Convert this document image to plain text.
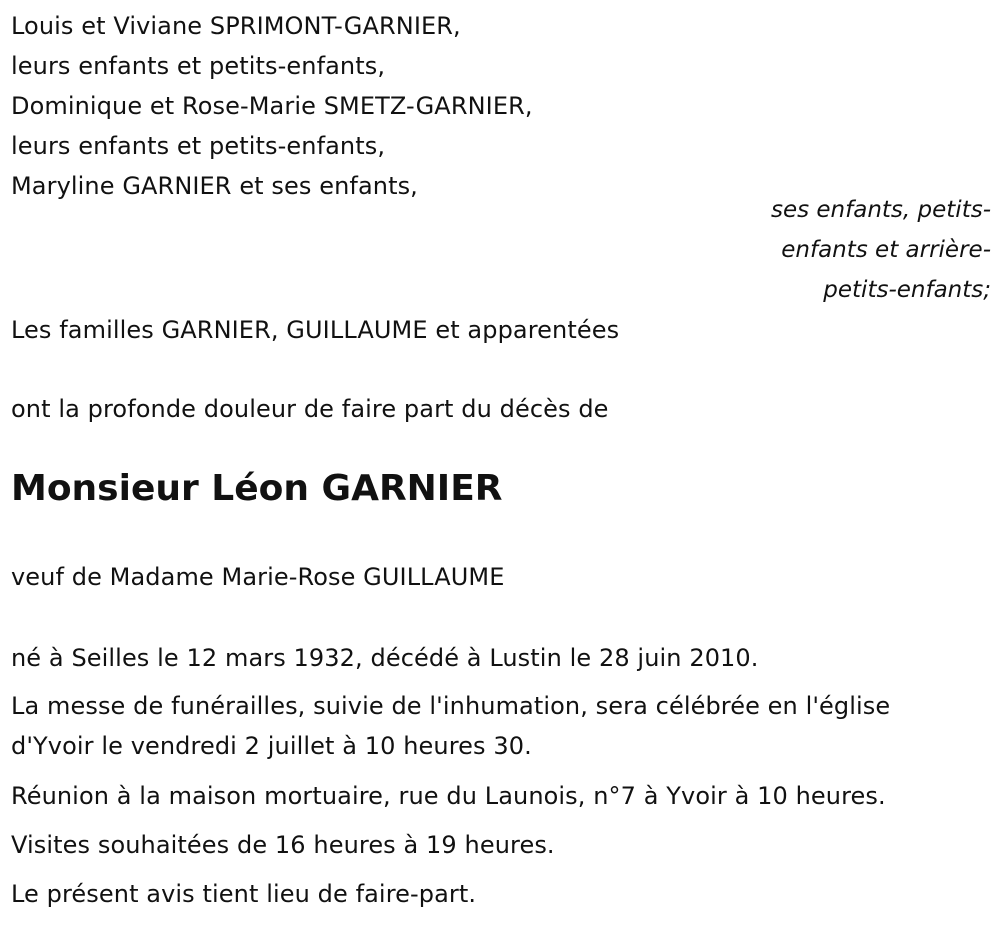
Louis et Viviane SPRIMONT-GARNIER,
leurs enfants et petits-enfants,
Dominique et Rose-Marie SMETZ-GARNIER,
leurs enfants et petits-enfants,
Maryline GARNIER et ses enfants,
ses enfants, petits-
enfants et arrière-
petits-enfants;
Les familles GARNIER, GUILLAUME et apparentées
ont la profonde douleur de faire part du décès de
Monsieur Léon GARNIER
veuf de Madame Marie-Rose GUILLAUME
né à Seilles le 12 mars 1932, décédé à Lustin le 28 juin 2010.
La messe de funérailles, suivie de l'inhumation, sera célébrée en l'église
d'Yvoir le vendredi 2 juillet à 10 heures 30.
Réunion à la maison mortuaire, rue du Launois, n°7 à Yvoir à 10 heures.
Visites souhaitées de 16 heures à 19 heures.
Le présent avis tient lieu de faire-part.
